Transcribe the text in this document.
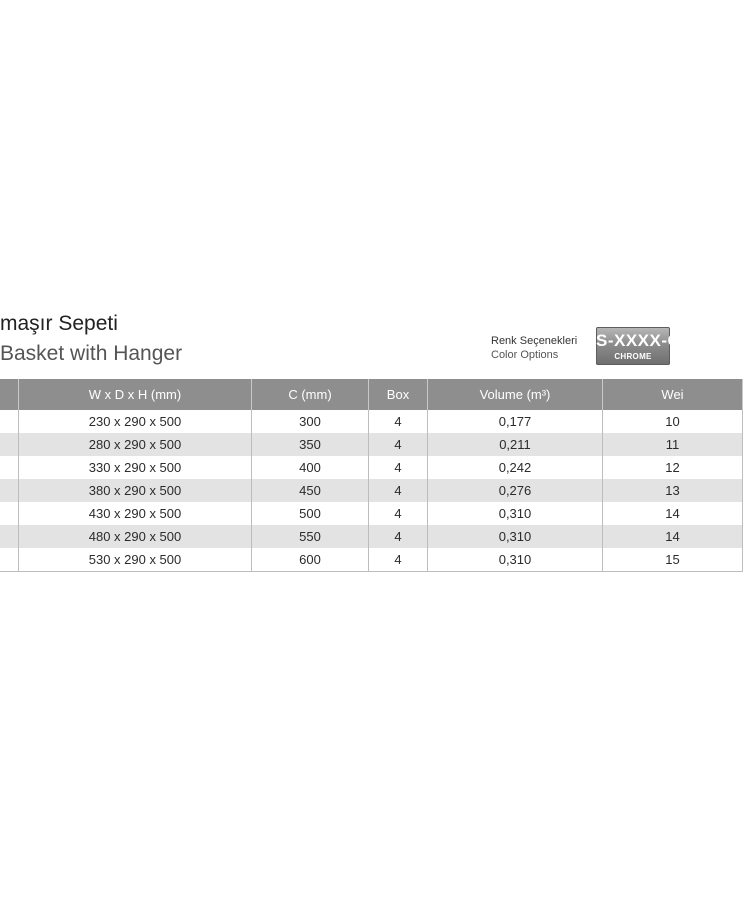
maşır Sepeti
Basket with Hanger
Renk Seçenekleri
Color Options
S-XXXX-C
CHROME
	W x D x H (mm)	C (mm)	Box	Volume (m³)	Wei
	230 x 290 x 500	300	4	0,177	10
	280 x 290 x 500	350	4	0,211	11
	330 x 290 x 500	400	4	0,242	12
	380 x 290 x 500	450	4	0,276	13
	430 x 290 x 500	500	4	0,310	14
	480 x 290 x 500	550	4	0,310	14
	530 x 290 x 500	600	4	0,310	15
